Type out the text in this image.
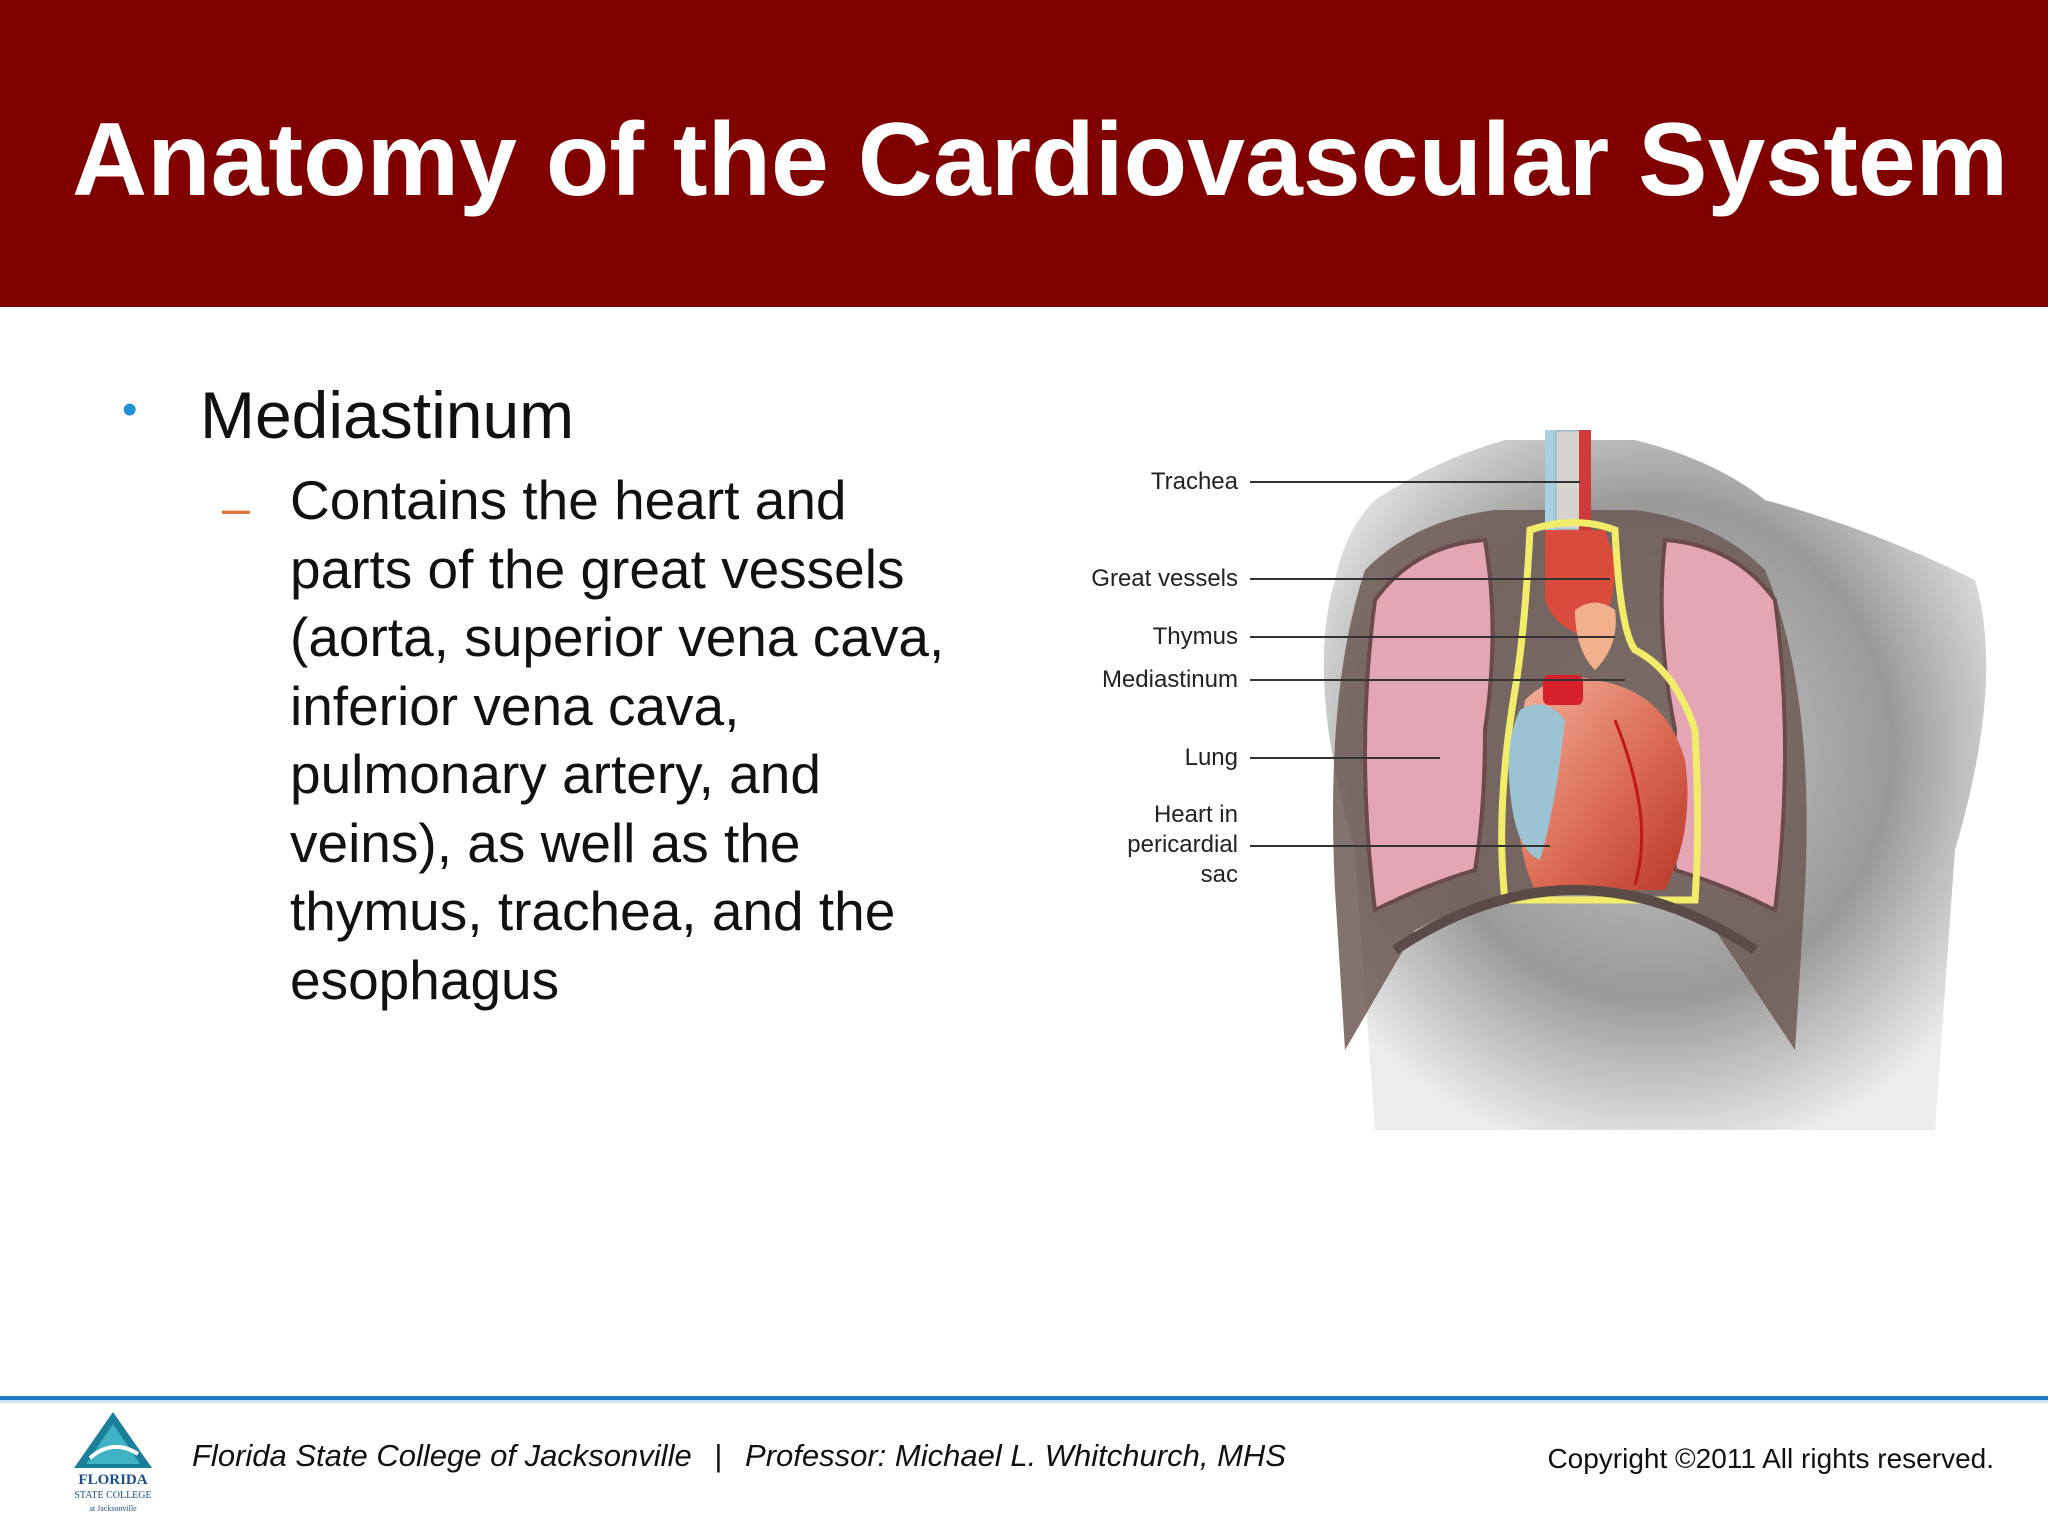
Anatomy of the Cardiovascular System
• Mediastinum
– Contains the heart and
parts of the great vessels
(aorta, superior vena cava,
inferior vena cava,
pulmonary artery, and
veins), as well as the
thymus, trachea, and the
esophagus
Trachea
Great vessels
Thymus
Mediastinum
Lung
Heart in
pericardial
sac
FLORIDA
STATE COLLEGE
at Jacksonville
Florida State College of Jacksonville | Professor: Michael L. Whitchurch, MHS	Copyright ©2011 All rights reserved.
